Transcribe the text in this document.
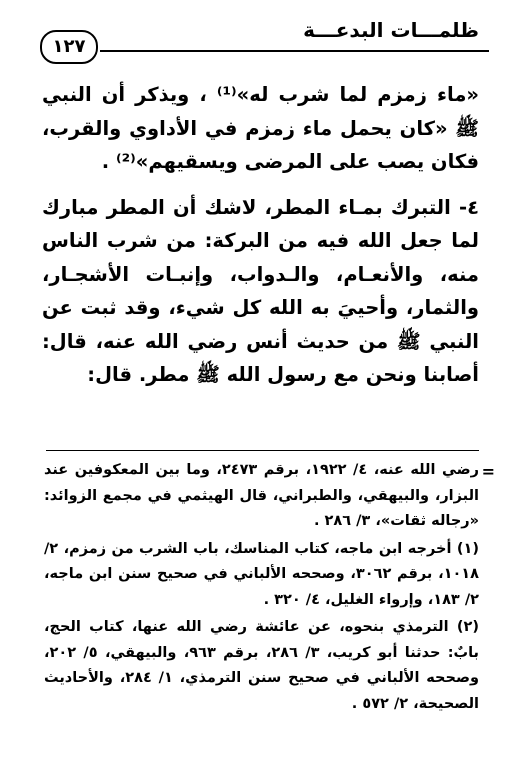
ظلمـــات البدعـــة
١٢٧

«ماء زمزم لما شرب له»⁽¹⁾ ، ويذكر أن النبي ﷺ «كان يحمل ماء زمزم في الأداوي والقرب، فكان يصب على المرضى ويسقيهم»⁽²⁾ .

٤- التبرك بمـاء المطر، لاشك أن المطر مبارك لما جعل الله فيه من البركة: من شرب الناس منه، والأنعـام، والـدواب، وإنبـات الأشجـار، والثمار، وأحييَ به الله كل شيء، وقد ثبت عن النبي ﷺ من حديث أنس رضي الله عنه، قال: أصابنا ونحن مع رسول الله ﷺ مطر. قال:

=

رضي الله عنه، ٤/ ١٩٢٢، برقم ٢٤٧٣، وما بين المعكوفين عند البزار، والبيهقي، والطبراني، قال الهيثمي في مجمع الزوائد: «رجاله ثقات»، ٣/ ٢٨٦ .

(١) أخرجه ابن ماجه، كتاب المناسك، باب الشرب من زمزم، ٢/ ١٠١٨، برقم ٣٠٦٢، وصححه الألباني في صحيح سنن ابن ماجه، ٢/ ١٨٣، وإرواء الغليل، ٤/ ٣٢٠ .

(٢) الترمذي بنحوه، عن عائشة رضي الله عنها، كتاب الحج، بابٌ: حدثنا أبو كريب، ٣/ ٢٨٦، برقم ٩٦٣، والبيهقي، ٥/ ٢٠٢، وصححه الألباني في صحيح سنن الترمذي، ١/ ٢٨٤، والأحاديث الصحيحة، ٢/ ٥٧٢ .
